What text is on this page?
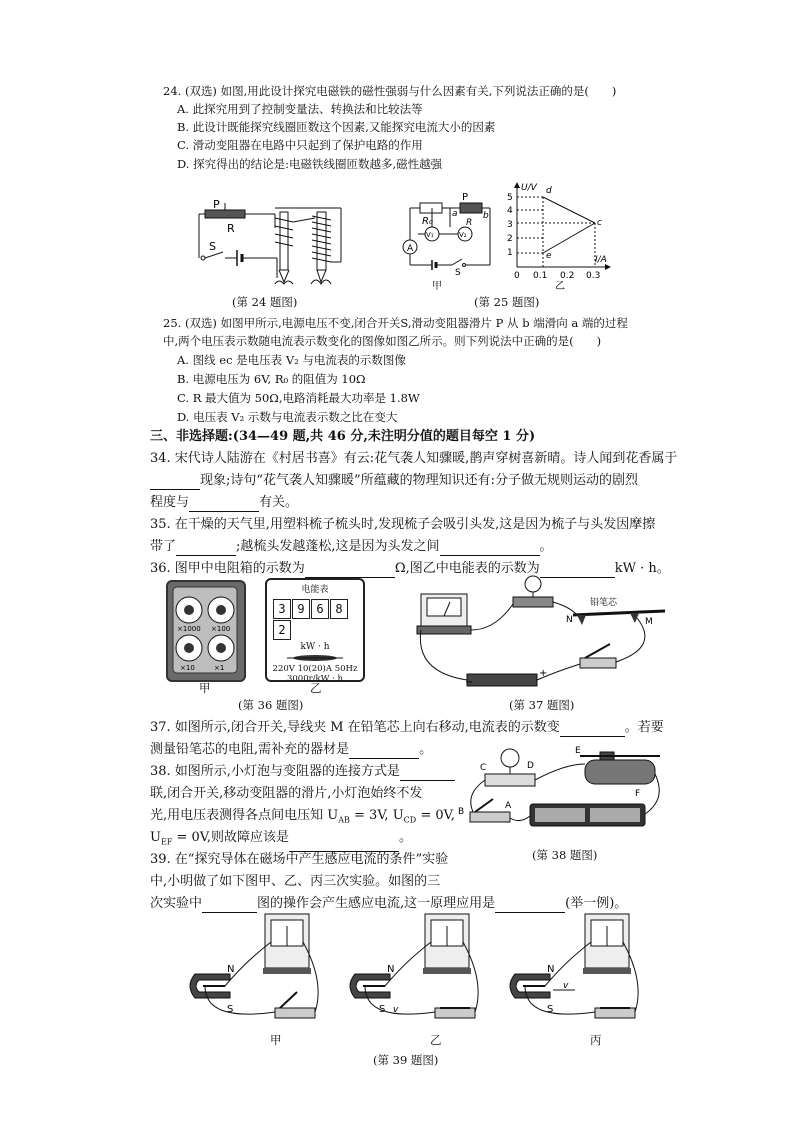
24. (双选) 如图,用此设计探究电磁铁的磁性强弱与什么因素有关,下列说法正确的是(　　)
A. 此探究用到了控制变量法、转换法和比较法等
B. 此设计既能探究线圈匝数这个因素,又能探究电流大小的因素
C. 滑动变阻器在电路中只起到了保护电路的作用
D. 探究得出的结论是:电磁铁线圈匝数越多,磁性越强
P
R
S
(第 24 题图)
R₀
P
a	b
R
A
V₁	V₂
S
甲
U/V
I/A
5
4
3
2
1
0 0.1 0.2 0.3
d
c
e
乙
(第 25 题图)
25. (双选) 如图甲所示,电源电压不变,闭合开关S,滑动变阻器滑片 P 从 b 端滑向 a 端的过程
中,两个电压表示数随电流表示数变化的图像如图乙所示。则下列说法中正确的是(　　)
A. 图线 ec 是电压表 V₂ 与电流表的示数图像
B. 电源电压为 6V, R₀ 的阻值为 10Ω
C. R 最大值为 50Ω,电路消耗最大功率是 1.8W
D. 电压表 V₂ 示数与电流表示数之比在变大
三、非选择题:(34—49 题,共 46 分,未注明分值的题目每空 1 分)
34. 宋代诗人陆游在《村居书喜》有云:花气袭人知骤暖,鹊声穿树喜新晴。诗人闻到花香属于
现象;诗句“花气袭人知骤暖”所蕴藏的物理知识还有:分子做无规则运动的剧烈
程度与	有关。
35. 在干燥的天气里,用塑料梳子梳头时,发现梳子会吸引头发,这是因为梳子与头发因摩擦
带了	;越梳头发越蓬松,这是因为头发之间	。
36. 图甲中电阻箱的示数为	Ω,图乙中电能表的示数为	kW · h。
×1000 ×100
×10	×1
甲
电能表
3 9 6 82
kW · h
220V 10(20)A 50Hz
3000r/kW · h
乙
(第 36 题图)
铅笔芯
N	M
−
+
(第 37 题图)
37. 如图所示,闭合开关,导线夹 M 在铅笔芯上向右移动,电流表的示数变	。若要
测量铅笔芯的电阻,需补充的器材是	。
38. 如图所示,小灯泡与变阻器的连接方式是
联,闭合开关,移动变阻器的滑片,小灯泡始终不发
光,用电压表测得各点间电压知 $U_{AB} = 3V$, $U_{CD} = 0V$,
$U_{EF} = 0V$,则故障应该是	。
C	D
E
F
B
A
(第 38 题图)
39. 在“探究导体在磁场中产生感应电流的条件”实验
中,小明做了如下图甲、乙、丙三次实验。如图的三
次实验中	图的操作会产生感应电流,这一原理应用是	(举一例)。
N
S
甲
N
S v
乙
N
S
v
丙
(第 39 题图)
